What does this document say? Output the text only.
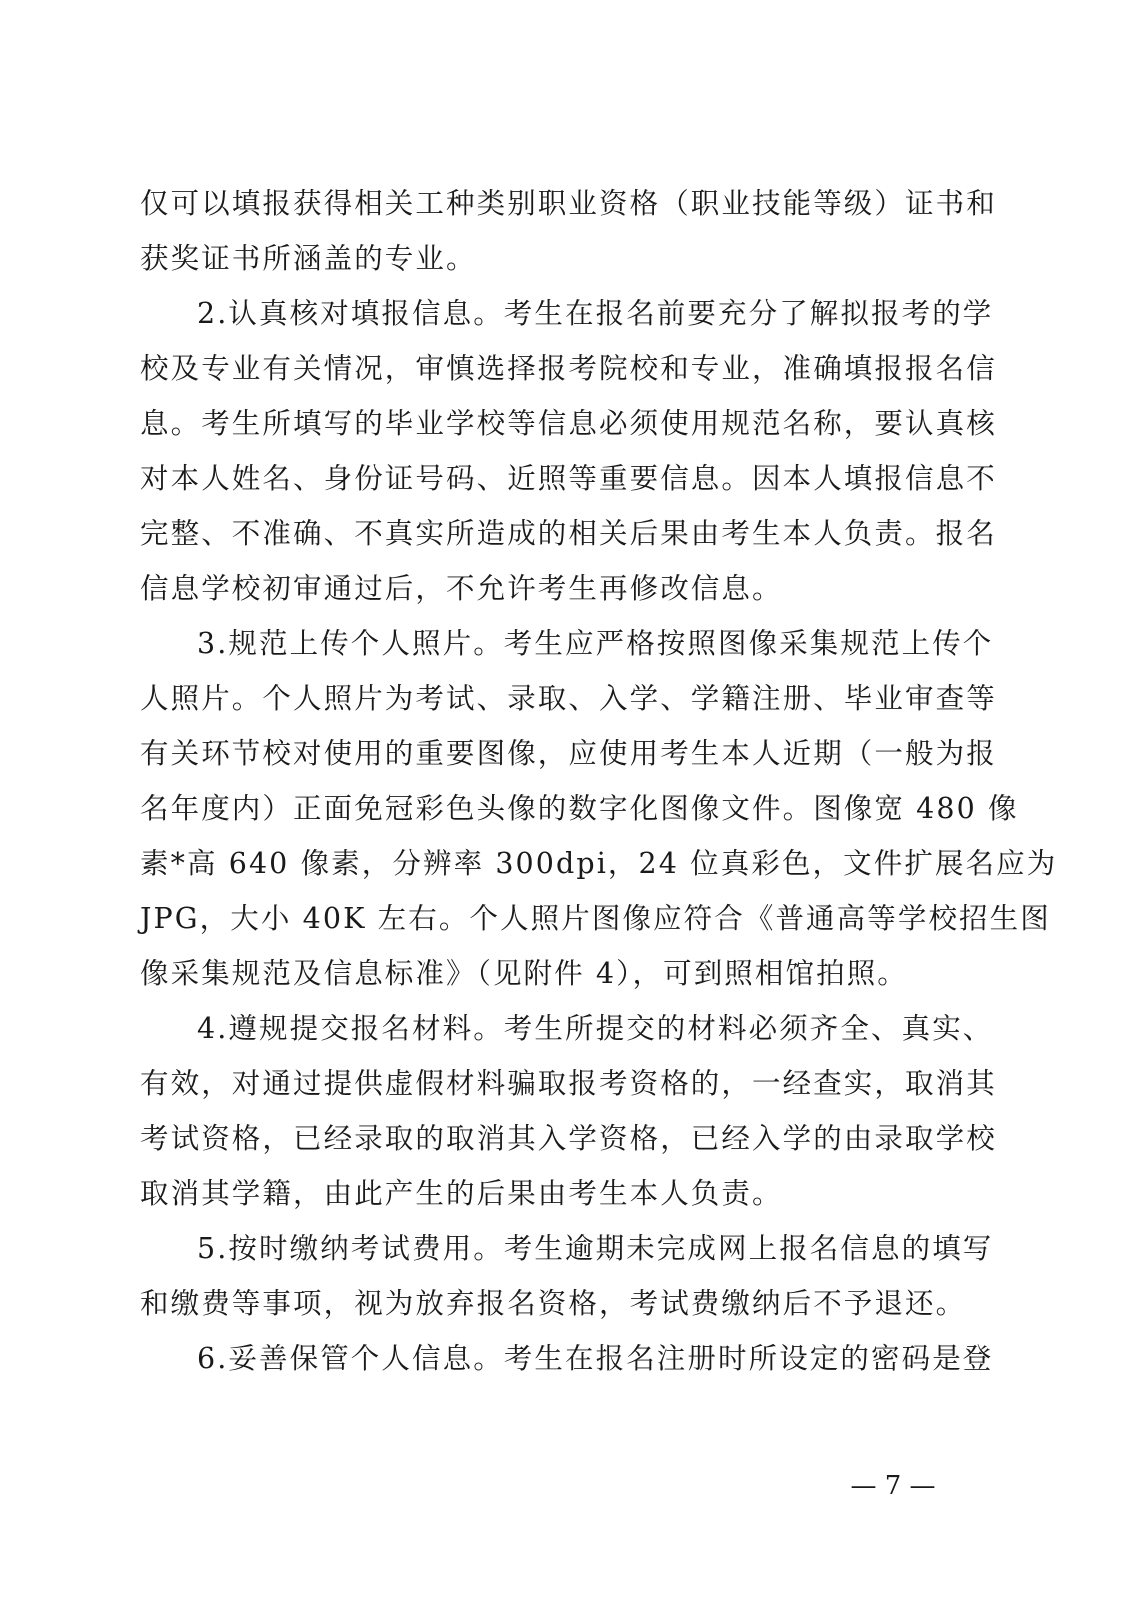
仅可以填报获得相关工种类别职业资格（职业技能等级）证书和
获奖证书所涵盖的专业。
2.认真核对填报信息。考生在报名前要充分了解拟报考的学
校及专业有关情况，审慎选择报考院校和专业，准确填报报名信
息。考生所填写的毕业学校等信息必须使用规范名称，要认真核
对本人姓名、身份证号码、近照等重要信息。因本人填报信息不
完整、不准确、不真实所造成的相关后果由考生本人负责。报名
信息学校初审通过后，不允许考生再修改信息。
3.规范上传个人照片。考生应严格按照图像采集规范上传个
人照片。个人照片为考试、录取、入学、学籍注册、毕业审查等
有关环节校对使用的重要图像，应使用考生本人近期（一般为报
名年度内）正面免冠彩色头像的数字化图像文件。图像宽 480 像
素*高 640 像素，分辨率 300dpi，24 位真彩色，文件扩展名应为
JPG，大小 40K 左右。个人照片图像应符合《普通高等学校招生图
像采集规范及信息标准》（见附件 4），可到照相馆拍照。
4.遵规提交报名材料。考生所提交的材料必须齐全、真实、
有效，对通过提供虚假材料骗取报考资格的，一经查实，取消其
考试资格，已经录取的取消其入学资格，已经入学的由录取学校
取消其学籍，由此产生的后果由考生本人负责。
5.按时缴纳考试费用。考生逾期未完成网上报名信息的填写
和缴费等事项，视为放弃报名资格，考试费缴纳后不予退还。
6.妥善保管个人信息。考生在报名注册时所设定的密码是登
— 7 —
